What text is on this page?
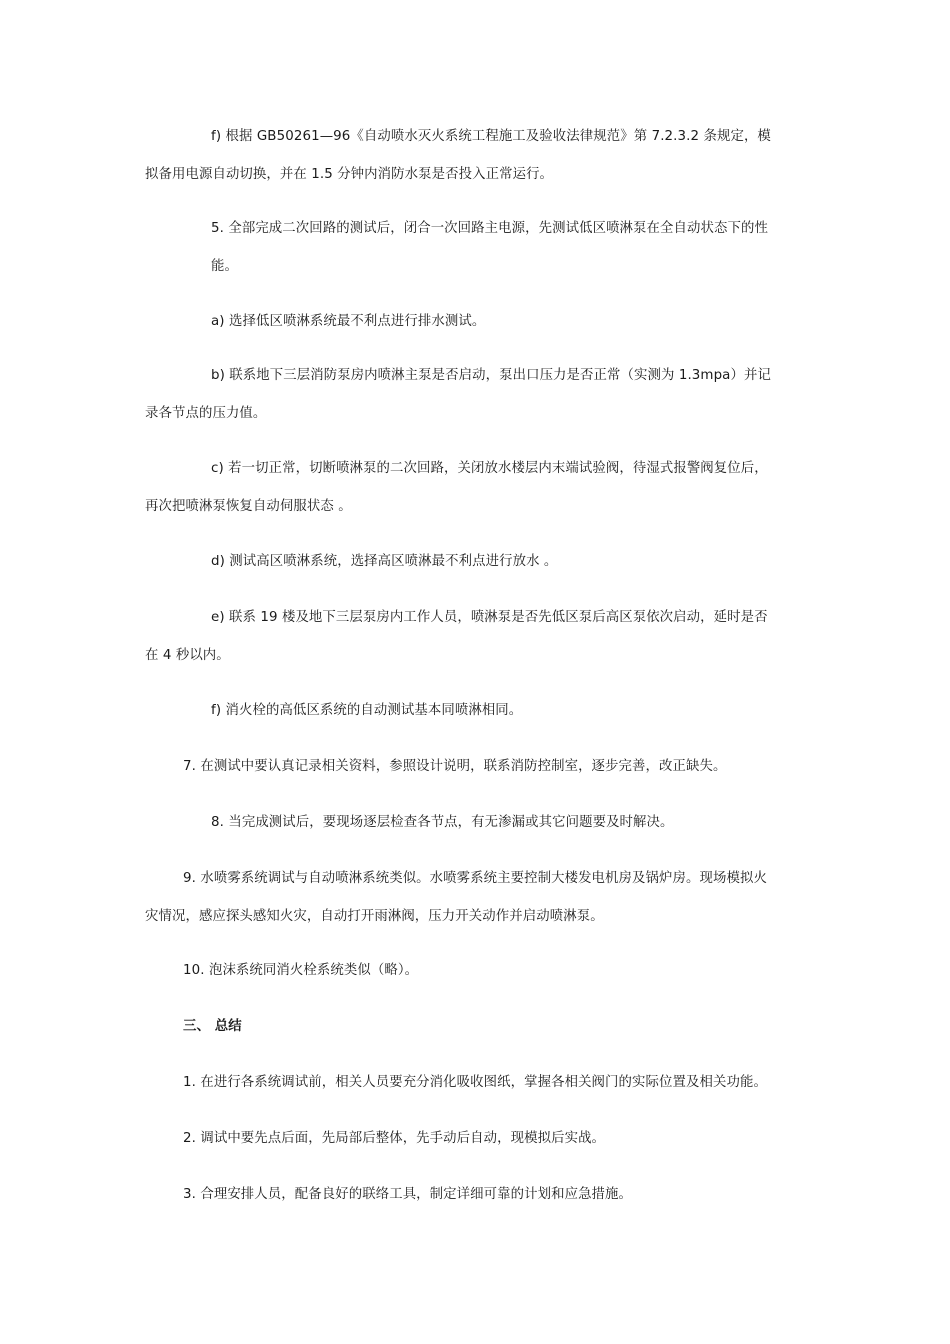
f) 根据 GB50261—96《自动喷水灭火系统工程施工及验收法律规范》第 7.2.3.2 条规定，模
拟备用电源自动切换，并在 1.5 分钟内消防水泵是否投入正常运行。
5. 全部完成二次回路的测试后，闭合一次回路主电源，先测试低区喷淋泵在全自动状态下的性
能。
a) 选择低区喷淋系统最不利点进行排水测试。
b) 联系地下三层消防泵房内喷淋主泵是否启动，泵出口压力是否正常（实测为 1.3mpa）并记
录各节点的压力值。
c) 若一切正常，切断喷淋泵的二次回路，关闭放水楼层内末端试验阀，待湿式报警阀复位后，
再次把喷淋泵恢复自动伺服状态 。
d) 测试高区喷淋系统，选择高区喷淋最不利点进行放水 。
e) 联系 19 楼及地下三层泵房内工作人员，喷淋泵是否先低区泵后高区泵依次启动，延时是否
在 4 秒以内。
f) 消火栓的高低区系统的自动测试基本同喷淋相同。
7. 在测试中要认真记录相关资料，参照设计说明，联系消防控制室，逐步完善，改正缺失。
8. 当完成测试后，要现场逐层检查各节点，有无渗漏或其它问题要及时解决。
9. 水喷雾系统调试与自动喷淋系统类似。水喷雾系统主要控制大楼发电机房及锅炉房。现场模拟火
灾情况，感应探头感知火灾，自动打开雨淋阀，压力开关动作并启动喷淋泵。
10. 泡沫系统同消火栓系统类似（略）。
三、 总结
1. 在进行各系统调试前，相关人员要充分消化吸收图纸，掌握各相关阀门的实际位置及相关功能。
2. 调试中要先点后面，先局部后整体，先手动后自动，现模拟后实战。
3. 合理安排人员，配备良好的联络工具，制定详细可靠的计划和应急措施。
